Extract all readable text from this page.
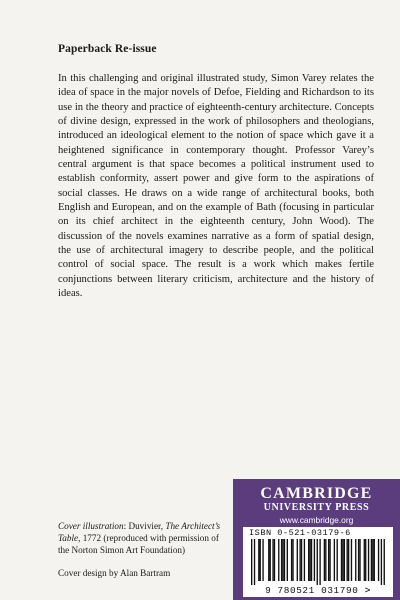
Paperback Re-issue

In this challenging and original illustrated study, Simon Varey relates the idea of space in the major novels of Defoe, Fielding and Richardson to its use in the theory and practice of eighteenth-century architecture. Concepts of divine design, expressed in the work of philosophers and theologians, introduced an ideological element to the notion of space which gave it a heightened significance in contemporary thought. Professor Varey’s central argument is that space becomes a political instrument used to establish conformity, assert power and give form to the aspirations of social classes. He draws on a wide range of architectural books, both English and European, and on the example of Bath (focusing in particular on its chief architect in the eighteenth century, John Wood). The discussion of the novels examines narrative as a form of spatial design, the use of architectural imagery to describe people, and the political control of social space. The result is a work which makes fertile conjunctions between literary criticism, architecture and the history of ideas.

Cover illustration: Duvivier, The Architect’s Table, 1772 (reproduced with permission of the Norton Simon Art Foundation)

Cover design by Alan Bartram

CAMBRIDGE
UNIVERSITY PRESS
www.cambridge.org
ISBN 0-521-03179-6
9 780521 031790 >
